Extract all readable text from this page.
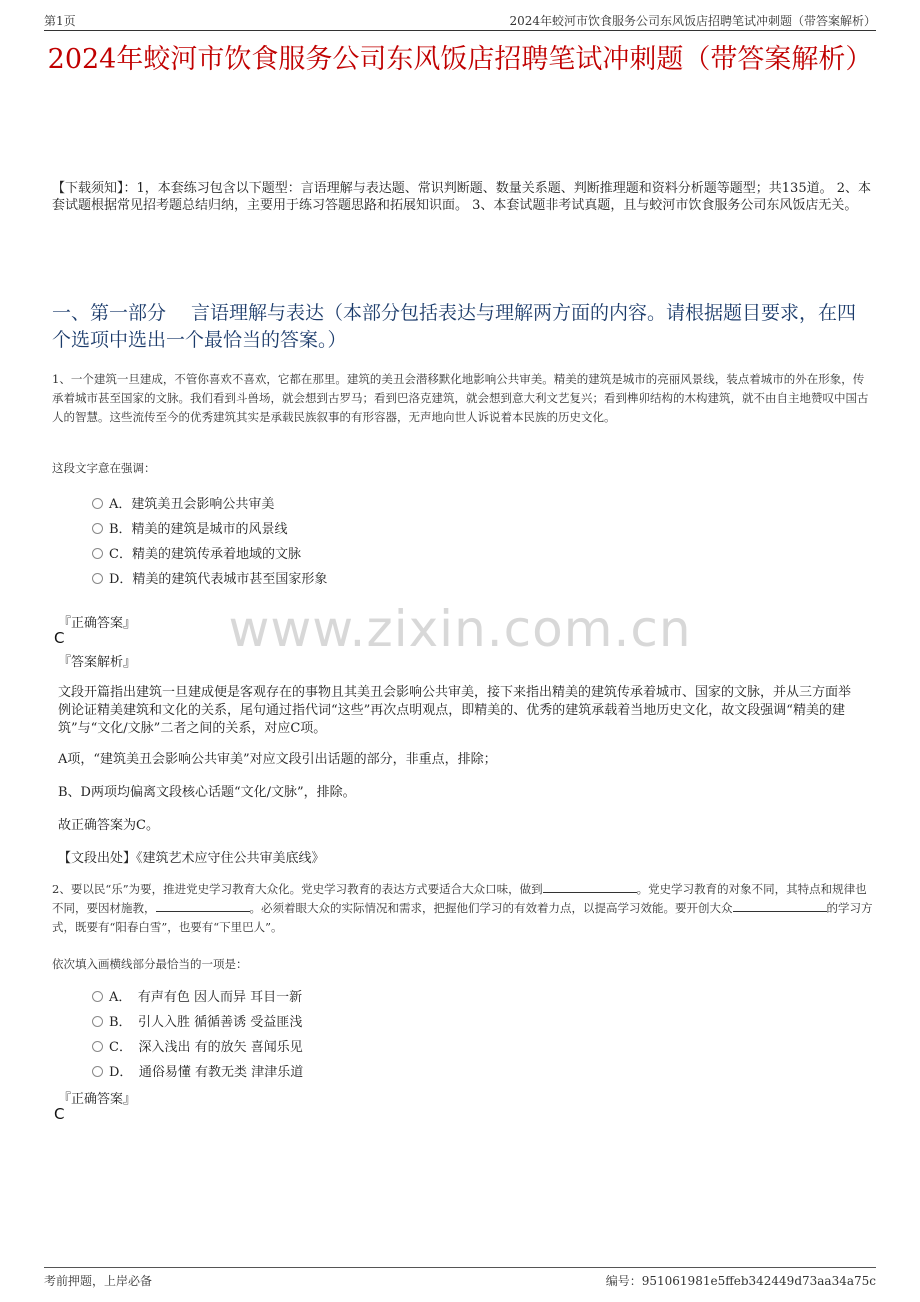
第1页	2024年蛟河市饮食服务公司东风饭店招聘笔试冲刺题（带答案解析）
2024年蛟河市饮食服务公司东风饭店招聘笔试冲刺题（带答案解析）
【下载须知】：1，本套练习包含以下题型：言语理解与表达题、常识判断题、数量关系题、判断推理题和资料分析题等题型；共135道。 2、本套试题根据常见招考题总结归纳，主要用于练习答题思路和拓展知识面。 3、本套试题非考试真题，且与蛟河市饮食服务公司东风饭店无关。
一、第一部分　 言语理解与表达（本部分包括表达与理解两方面的内容。请根据题目要求，在四个选项中选出一个最恰当的答案。）
1、一个建筑一旦建成，不管你喜欢不喜欢，它都在那里。建筑的美丑会潜移默化地影响公共审美。精美的建筑是城市的亮丽风景线，装点着城市的外在形象，传承着城市甚至国家的文脉。我们看到斗兽场，就会想到古罗马；看到巴洛克建筑，就会想到意大利文艺复兴；看到榫卯结构的木构建筑，就不由自主地赞叹中国古人的智慧。这些流传至今的优秀建筑其实是承载民族叙事的有形容器，无声地向世人诉说着本民族的历史文化。
这段文字意在强调：
A．建筑美丑会影响公共审美
B．精美的建筑是城市的风景线
C．精美的建筑传承着地域的文脉
D．精美的建筑代表城市甚至国家形象
『正确答案』
C
『答案解析』
文段开篇指出建筑一旦建成便是客观存在的事物且其美丑会影响公共审美，接下来指出精美的建筑传承着城市、国家的文脉，并从三方面举例论证精美建筑和文化的关系，尾句通过指代词“这些”再次点明观点，即精美的、优秀的建筑承载着当地历史文化，故文段强调“精美的建筑”与“文化/文脉”二者之间的关系，对应C项。
A项，“建筑美丑会影响公共审美”对应文段引出话题的部分，非重点，排除；
B、D两项均偏离文段核心话题“文化/文脉”，排除。
故正确答案为C。
【文段出处】《建筑艺术应守住公共审美底线》
www.zixin.com.cn
2、要以民“乐”为要，推进党史学习教育大众化。党史学习教育的表达方式要适合大众口味，做到	。党史学习教育的对象不同，其特点和规律也不同，要因材施教，	。必须着眼大众的实际情况和需求，把握他们学习的有效着力点，以提高学习效能。要开创大众	的学习方式，既要有“阳春白雪”，也要有“下里巴人”。
依次填入画横线部分最恰当的一项是：
A．　有声有色 因人而异 耳目一新
B．　引人入胜 循循善诱 受益匪浅
C．　深入浅出 有的放矢 喜闻乐见
D．　通俗易懂 有教无类 津津乐道
『正确答案』
C
考前押题，上岸必备	编号：951061981e5ffeb342449d73aa34a75c
